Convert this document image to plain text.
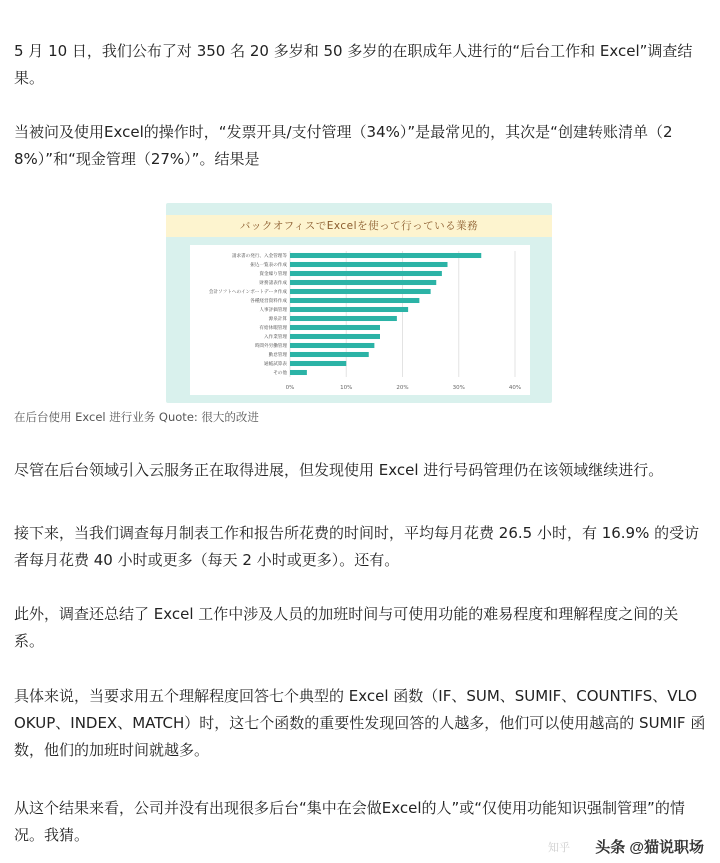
5 月 10 日，我们公布了对 350 名 20 多岁和 50 多岁的在职成年人进行的“后台工作和 Excel”调查结果。

当被问及使用Excel的操作时，“发票开具/支付管理（34%）”是最常见的，其次是“创建转账清单（28%）”和“现金管理（27%）”。结果是

バックオフィスでExcelを使って行っている業務
0%	10%	20%	30%	40%
請求書の発行、入金管理等
振込一覧表の作成
資金繰り管理
財務諸表作成
会計ソフトへのインポートデータ作成
各種経営資料作成
人事評価管理
源泉計算
有給休暇管理
入作業管理
時間外労働管理
勤怠管理
通帳試算表
その他

在后台使用 Excel 进行业务 Quote: 很大的改进

尽管在后台领域引入云服务正在取得进展，但发现使用 Excel 进行号码管理仍在该领域继续进行。

接下来，当我们调查每月制表工作和报告所花费的时间时，平均每月花费 26.5 小时，有 16.9% 的受访者每月花费 40 小时或更多（每天 2 小时或更多）。还有。

此外，调查还总结了 Excel 工作中涉及人员的加班时间与可使用功能的难易程度和理解程度之间的关系。

具体来说，当要求用五个理解程度回答七个典型的 Excel 函数（IF、SUM、SUMIF、COUNTIFS、VLOOKUP、INDEX、MATCH）时，这七个函数的重要性发现回答的人越多，他们可以使用越高的 SUMIF 函数，他们的加班时间就越多。

从这个结果来看，公司并没有出现很多后台“集中在会做Excel的人”或“仅使用功能知识强制管理”的情况。我猜。

知乎 头条 @猫说职场
